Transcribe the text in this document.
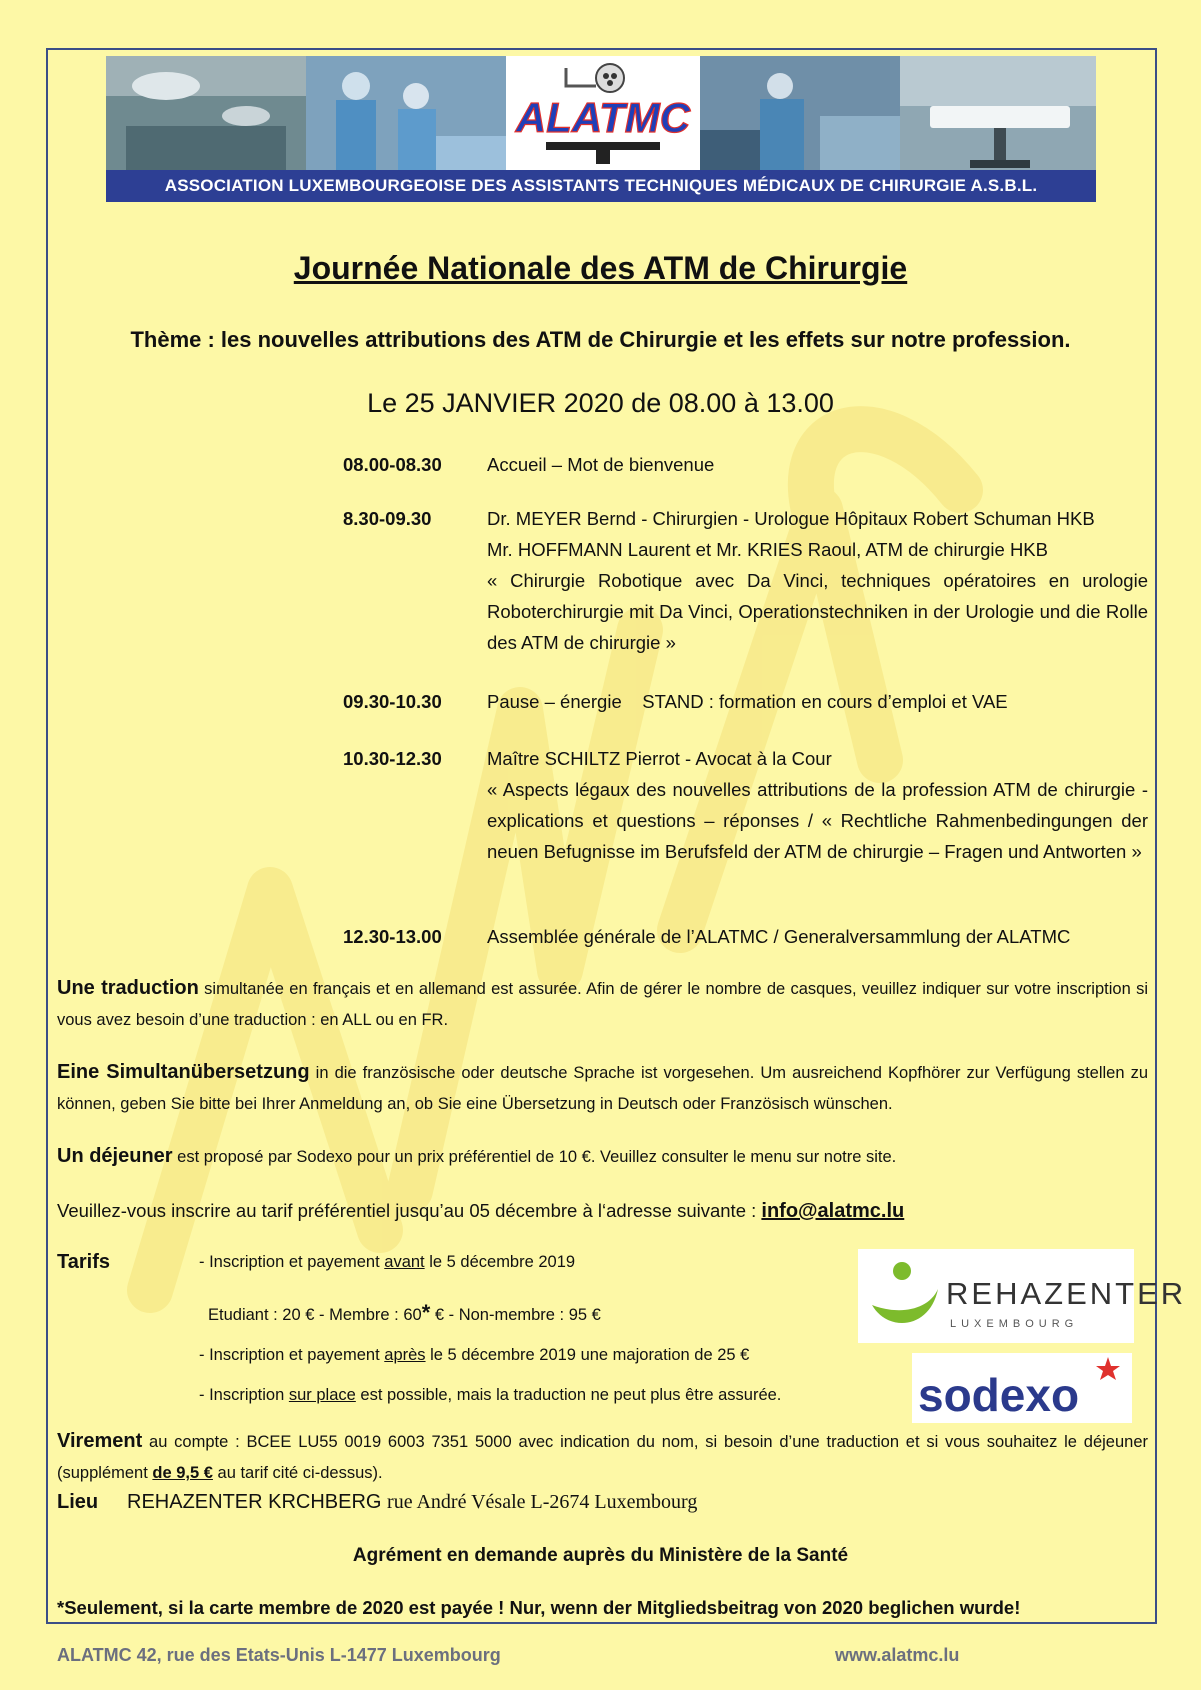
ALATMC
ASSOCIATION LUXEMBOURGEOISE DES ASSISTANTS TECHNIQUES MÉDICAUX DE CHIRURGIE A.S.B.L.
Journée Nationale des ATM de Chirurgie
Thème : les nouvelles attributions des ATM de Chirurgie et les effets sur notre profession.
Le 25 JANVIER 2020 de 08.00 à 13.00
08.00-08.30	Accueil – Mot de bienvenue
8.30-09.30	Dr. MEYER Bernd - Chirurgien - Urologue Hôpitaux Robert Schuman HKB
Mr. HOFFMANN Laurent et Mr. KRIES Raoul, ATM de chirurgie HKB
« Chirurgie Robotique avec Da Vinci, techniques opératoires en urologie Roboterchirurgie mit Da Vinci, Operationstechniken in der Urologie und die Rolle des ATM de chirurgie »
09.30-10.30	Pause – énergie    STAND : formation en cours d’emploi et VAE
10.30-12.30	Maître SCHILTZ Pierrot - Avocat à la Cour
« Aspects légaux des nouvelles attributions de la profession ATM de chirurgie - explications et questions – réponses / « Rechtliche Rahmenbedingungen der neuen Befugnisse im Berufsfeld der ATM de chirurgie – Fragen und Antworten »
12.30-13.00	Assemblée générale de l’ALATMC / Generalversammlung der ALATMC
Une traduction simultanée en français et en allemand est assurée. Afin de gérer le nombre de casques, veuillez indiquer sur votre inscription si vous avez besoin d’une traduction : en ALL ou en FR.
Eine Simultanübersetzung in die französische oder deutsche Sprache ist vorgesehen. Um ausreichend Kopfhörer zur Verfügung stellen zu können, geben Sie bitte bei Ihrer Anmeldung an, ob Sie eine Übersetzung in Deutsch oder Französisch wünschen.
Un déjeuner est proposé par Sodexo pour un prix préférentiel de 10 €. Veuillez consulter le menu sur notre site.
Veuillez-vous inscrire au tarif préférentiel jusqu’au 05 décembre à l‘adresse suivante : info@alatmc.lu
Tarifs	- Inscription et payement avant le 5 décembre 2019
Etudiant : 20 € - Membre : 60* € - Non-membre : 95 €
- Inscription et payement après le 5 décembre 2019 une majoration de 25 €
- Inscription sur place est possible, mais la traduction ne peut plus être assurée.
REHAZENTER
LUXEMBOURG
sodexo
Virement au compte : BCEE LU55 0019 6003 7351 5000 avec indication du nom, si besoin d’une traduction et si vous souhaitez le déjeuner (supplément de 9,5 € au tarif cité ci-dessus).
Lieu REHAZENTER KRCHBERG rue André Vésale L-2674 Luxembourg
Agrément en demande auprès du Ministère de la Santé
*Seulement, si la carte membre de 2020 est payée ! Nur, wenn der Mitgliedsbeitrag von 2020 beglichen wurde!
ALATMC 42, rue des Etats-Unis L-1477 Luxembourg	www.alatmc.lu
